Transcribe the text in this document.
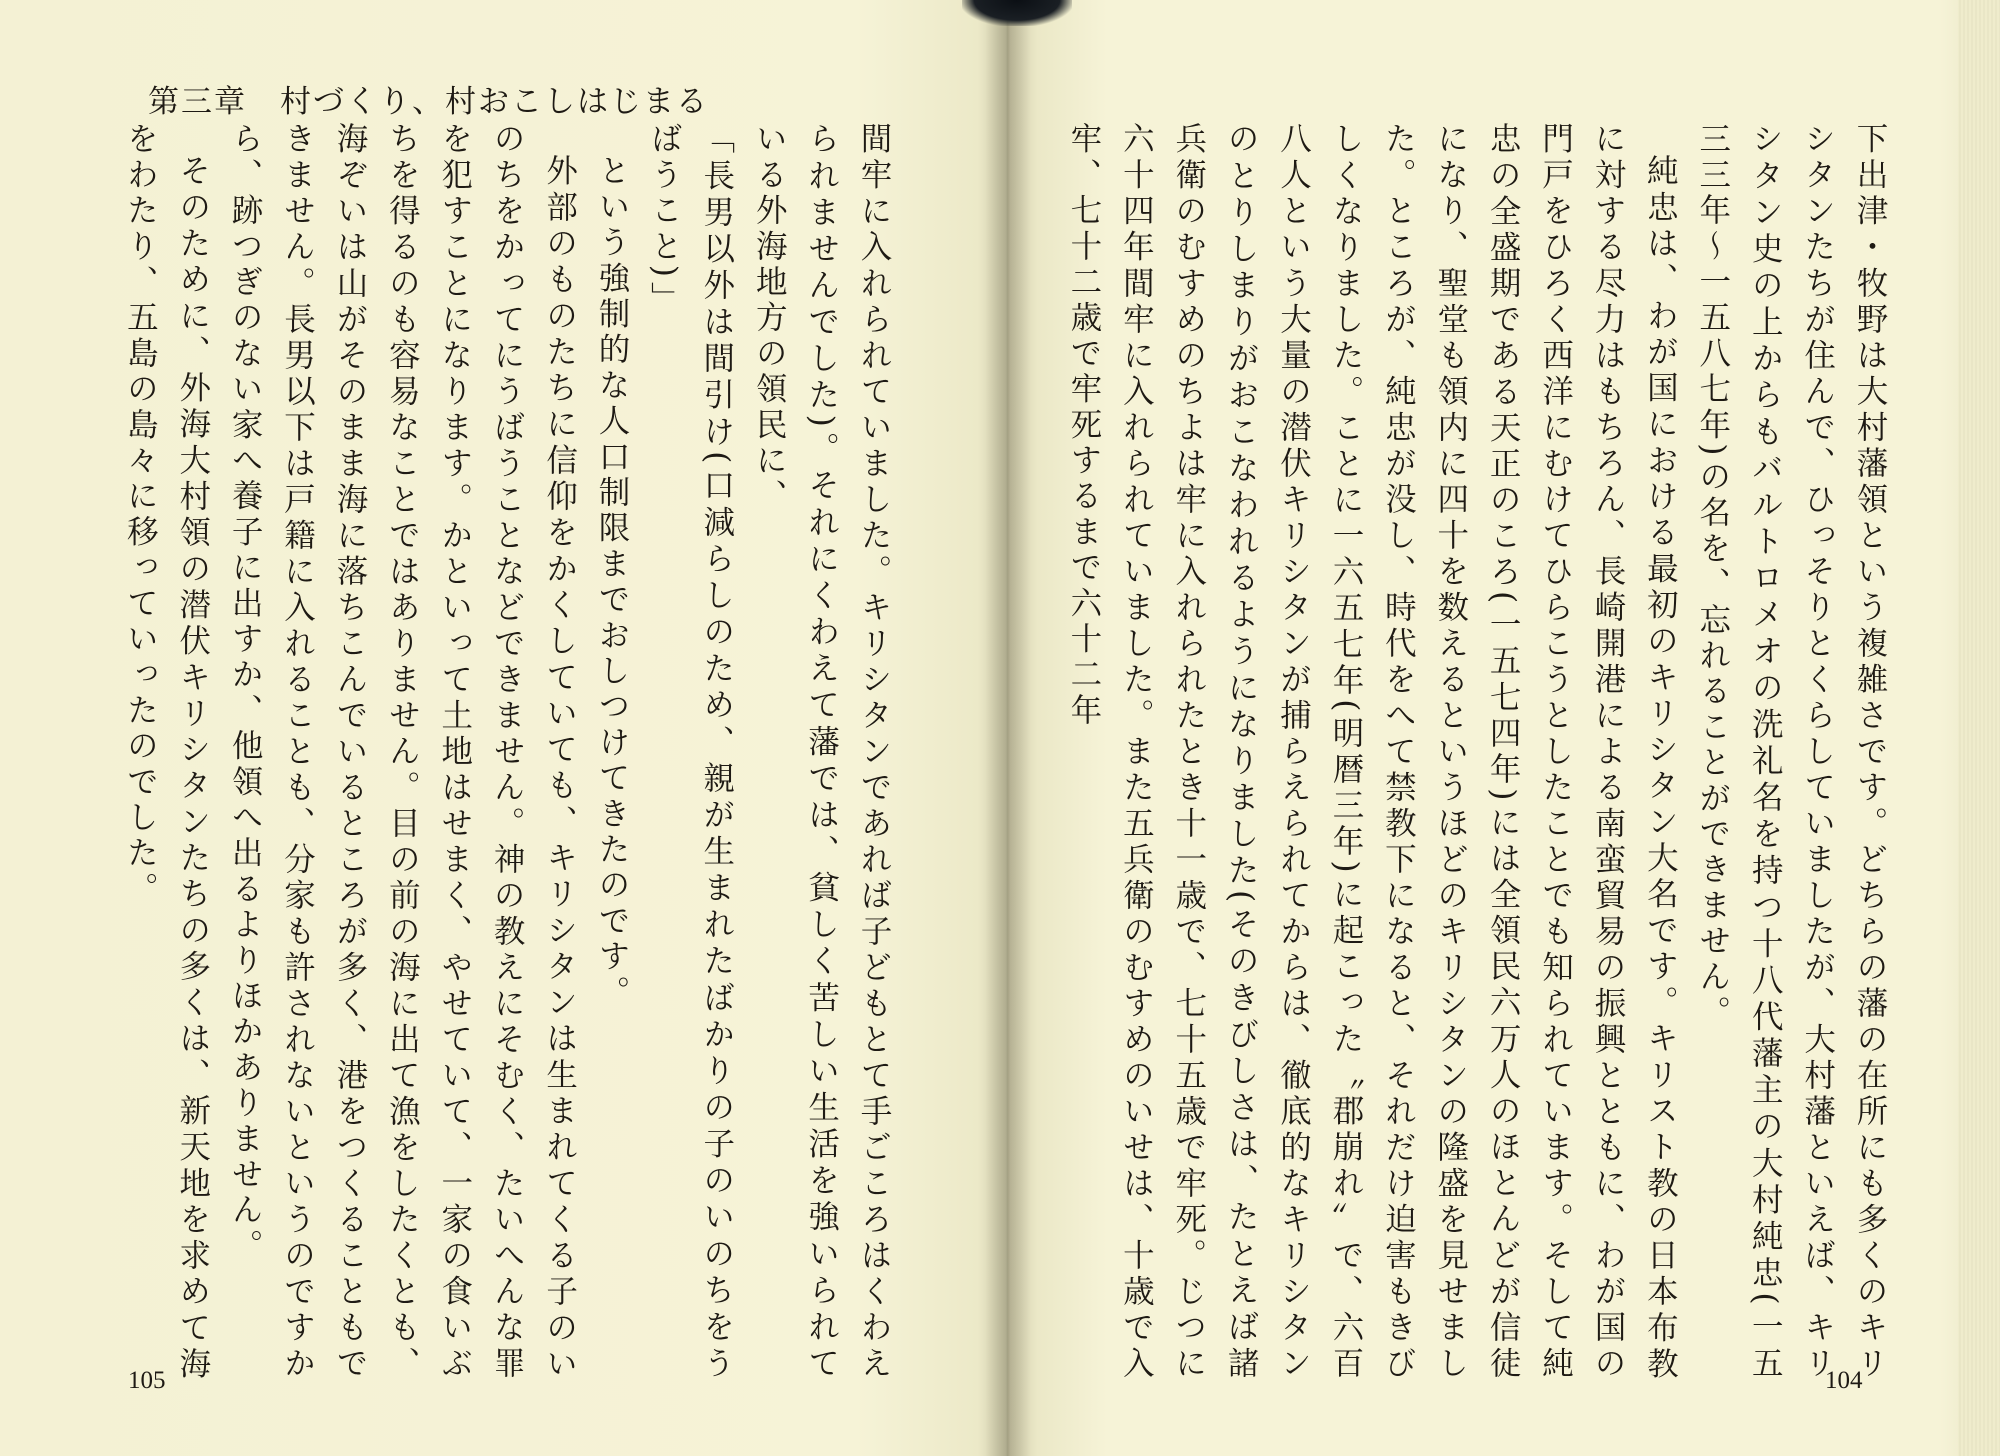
第三章　村づくり、村おこしはじまる

間牢に入れられていました。キリシタンであれば子どもとて手ごころはくわえられませんでした)。それにくわえて藩では、貧しく苦しい生活を強いられている外海地方の領民に、

「長男以外は間引け(口減らしのため、親が生まれたばかりの子のいのちをうばうこと)」

という強制的な人口制限までおしつけてきたのです。

外部のものたちに信仰をかくしていても、キリシタンは生まれてくる子のいのちをかってにうばうことなどできません。神の教えにそむく、たいへんな罪を犯すことになります。かといって土地はせまく、やせていて、一家の食いぶちを得るのも容易なことではありません。目の前の海に出て漁をしたくとも、海ぞいは山がそのまま海に落ちこんでいるところが多く、港をつくることもできません。長男以下は戸籍に入れることも、分家も許されないというのですから、跡つぎのない家へ養子に出すか、他領へ出るよりほかありません。

そのために、外海大村領の潜伏キリシタンたちの多くは、新天地を求めて海をわたり、五島の島々に移っていったのでした。	下出津・牧野は大村藩領という複雑さです。どちらの藩の在所にも多くのキリシタンたちが住んで、ひっそりとくらしていましたが、大村藩といえば、キリシタン史の上からもバルトロメオの洗礼名を持つ十八代藩主の大村純忠(一五三三年〜一五八七年)の名を、忘れることができません。

純忠は、わが国における最初のキリシタン大名です。キリスト教の日本布教に対する尽力はもちろん、長崎開港による南蛮貿易の振興とともに、わが国の門戸をひろく西洋にむけてひらこうとしたことでも知られています。そして純忠の全盛期である天正のころ(一五七四年)には全領民六万人のほとんどが信徒になり、聖堂も領内に四十を数えるというほどのキリシタンの隆盛を見せました。ところが、純忠が没し、時代をへて禁教下になると、それだけ迫害もきびしくなりました。ことに一六五七年(明暦三年)に起こった〝郡崩れ〟で、六百八人という大量の潜伏キリシタンが捕らえられてからは、徹底的なキリシタンのとりしまりがおこなわれるようになりました(そのきびしさは、たとえば諸兵衛のむすめのちよは牢に入れられたとき十一歳で、七十五歳で牢死。じつに六十四年間牢に入れられていました。また五兵衛のむすめのいせは、十歳で入牢、七十二歳で牢死するまで六十二年

105	104
